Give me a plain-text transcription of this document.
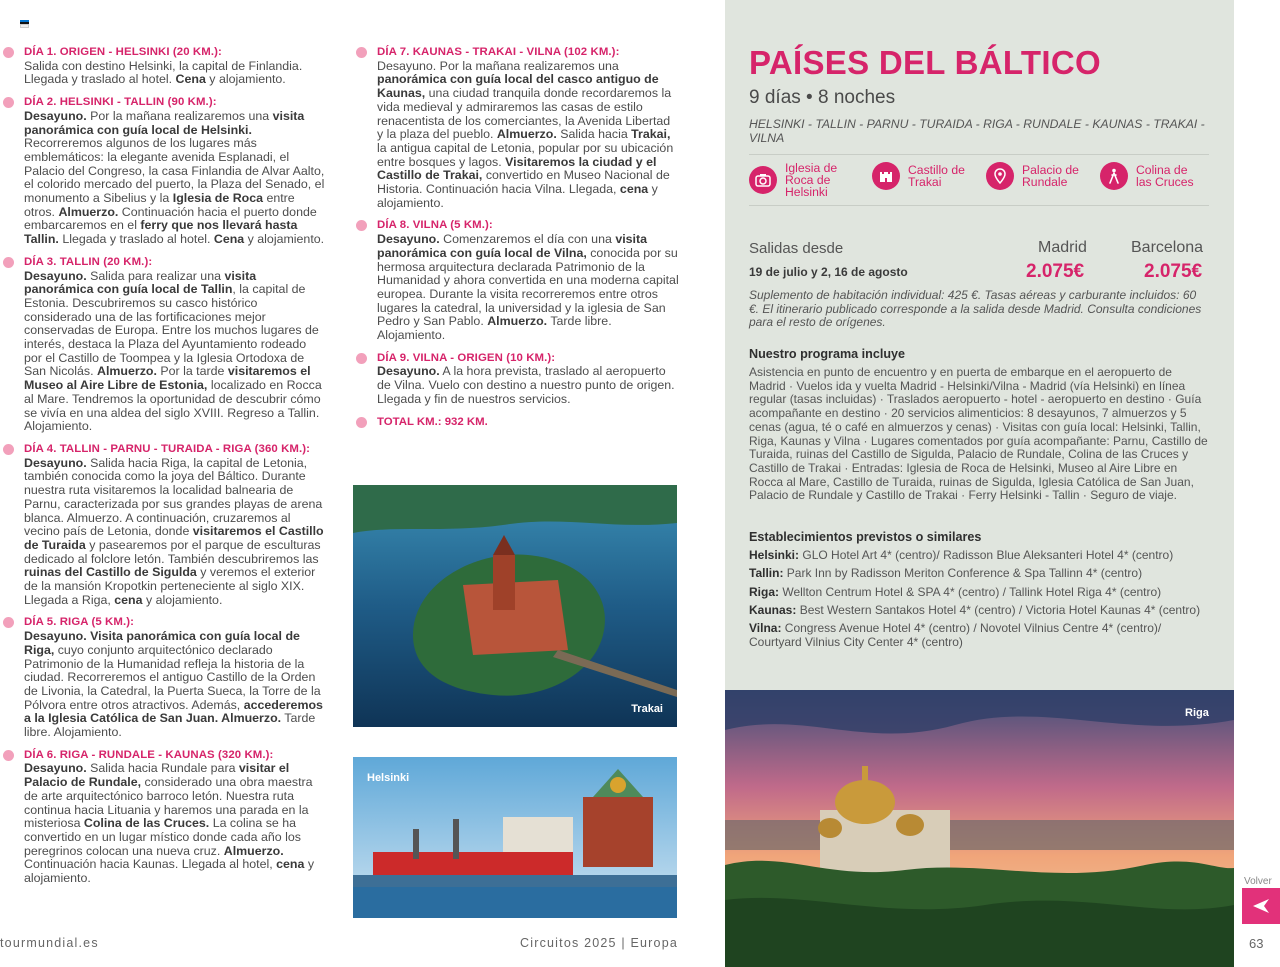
DÍA 1. ORIGEN - HELSINKI (20 KM.):
Salida con destino Helsinki, la capital de Finlandia. Llegada y traslado al hotel. Cena y alojamiento.
DÍA 2. HELSINKI - TALLIN (90 KM.):
Desayuno. Por la mañana realizaremos una visita panorámica con guía local de Helsinki. Recorreremos algunos de los lugares más emblemáticos: la elegante avenida Esplanadi, el Palacio del Congreso, la casa Finlandia de Alvar Aalto, el colorido mercado del puerto, la Plaza del Senado, el monumento a Sibelius y la Iglesia de Roca entre otros. Almuerzo. Continuación hacia el puerto donde embarcaremos en el ferry que nos llevará hasta Tallin. Llegada y traslado al hotel. Cena y alojamiento.
DÍA 3. TALLIN (20 KM.):
Desayuno. Salida para realizar una visita panorámica con guía local de Tallin, la capital de Estonia. Descubriremos su casco histórico considerado una de las fortificaciones mejor conservadas de Europa. Entre los muchos lugares de interés, destaca la Plaza del Ayuntamiento rodeado por el Castillo de Toompea y la Iglesia Ortodoxa de San Nicolás. Almuerzo. Por la tarde visitaremos el Museo al Aire Libre de Estonia, localizado en Rocca al Mare. Tendremos la oportunidad de descubrir cómo se vivía en una aldea del siglo XVIII. Regreso a Tallin. Alojamiento.
DÍA 4. TALLIN - PARNU - TURAIDA - RIGA (360 KM.):
Desayuno. Salida hacia Riga, la capital de Letonia, también conocida como la joya del Báltico. Durante nuestra ruta visitaremos la localidad balnearia de Parnu, caracterizada por sus grandes playas de arena blanca. Almuerzo. A continuación, cruzaremos al vecino país de Letonia, donde visitaremos el Castillo de Turaida y pasearemos por el parque de esculturas dedicado al folclore letón. También descubriremos las ruinas del Castillo de Sigulda y veremos el exterior de la mansión Kropotkin perteneciente al siglo XIX. Llegada a Riga, cena y alojamiento.
DÍA 5. RIGA (5 KM.):
Desayuno. Visita panorámica con guía local de Riga, cuyo conjunto arquitectónico declarado Patrimonio de la Humanidad refleja la historia de la ciudad. Recorreremos el antiguo Castillo de la Orden de Livonia, la Catedral, la Puerta Sueca, la Torre de la Pólvora entre otros atractivos. Además, accederemos a la Iglesia Católica de San Juan. Almuerzo. Tarde libre. Alojamiento.
DÍA 6. RIGA - RUNDALE - KAUNAS (320 KM.):
Desayuno. Salida hacia Rundale para visitar el Palacio de Rundale, considerado una obra maestra de arte arquitectónico barroco letón. Nuestra ruta continua hacia Lituania y haremos una parada en la misteriosa Colina de las Cruces. La colina se ha convertido en un lugar místico donde cada año los peregrinos colocan una nueva cruz. Almuerzo. Continuación hacia Kaunas. Llegada al hotel, cena y alojamiento.
DÍA 7. KAUNAS - TRAKAI - VILNA (102 KM.):
Desayuno. Por la mañana realizaremos una panorámica con guía local del casco antiguo de Kaunas, una ciudad tranquila donde recordaremos la vida medieval y admiraremos las casas de estilo renacentista de los comerciantes, la Avenida Libertad y la plaza del pueblo. Almuerzo. Salida hacia Trakai, la antigua capital de Letonia, popular por su ubicación entre bosques y lagos. Visitaremos la ciudad y el Castillo de Trakai, convertido en Museo Nacional de Historia. Continuación hacia Vilna. Llegada, cena y alojamiento.
DÍA 8. VILNA (5 KM.):
Desayuno. Comenzaremos el día con una visita panorámica con guía local de Vilna, conocida por su hermosa arquitectura declarada Patrimonio de la Humanidad y ahora convertida en una moderna capital europea. Durante la visita recorreremos entre otros lugares la catedral, la universidad y la iglesia de San Pedro y San Pablo. Almuerzo. Tarde libre. Alojamiento.
DÍA 9. VILNA - ORIGEN (10 KM.):
Desayuno. A la hora prevista, traslado al aeropuerto de Vilna. Vuelo con destino a nuestro punto de origen. Llegada y fin de nuestros servicios.
TOTAL KM.: 932 KM.
Trakai
Helsinki
PAÍSES DEL BÁLTICO
9 días • 8 noches
HELSINKI - TALLIN - PARNU - TURAIDA - RIGA - RUNDALE - KAUNAS - TRAKAI - VILNA
Iglesia de
Roca de
Helsinki
Castillo de
Trakai
Palacio de
Rundale
Colina de
las Cruces
Salidas desde
19 de julio y 2, 16 de agosto
Madrid	Barcelona
2.075€	2.075€
Suplemento de habitación individual: 425 €. Tasas aéreas y carburante incluidos: 60 €. El itinerario publicado corresponde a la salida desde Madrid. Consulta condiciones para el resto de orígenes.
Nuestro programa incluye
Asistencia en punto de encuentro y en puerta de embarque en el aeropuerto de Madrid · Vuelos ida y vuelta Madrid - Helsinki/Vilna - Madrid (vía Helsinki) en línea regular (tasas incluidas) · Traslados aeropuerto - hotel - aeropuerto en destino · Guía acompañante en destino · 20 servicios alimenticios: 8 desayunos, 7 almuerzos y 5 cenas (agua, té o café en almuerzos y cenas) · Visitas con guía local: Helsinki, Tallin, Riga, Kaunas y Vilna · Lugares comentados por guía acompañante: Parnu, Castillo de Turaida, ruinas del Castillo de Sigulda, Palacio de Rundale, Colina de las Cruces y Castillo de Trakai · Entradas: Iglesia de Roca de Helsinki, Museo al Aire Libre en Rocca al Mare, Castillo de Turaida, ruinas de Sigulda, Iglesia Católica de San Juan, Palacio de Rundale y Castillo de Trakai · Ferry Helsinki - Tallin · Seguro de viaje.
Establecimientos previstos o similares

Helsinki: GLO Hotel Art 4* (centro)/ Radisson Blue Aleksanteri Hotel 4* (centro)

Tallin: Park Inn by Radisson Meriton Conference & Spa Tallinn 4* (centro)

Riga: Wellton Centrum Hotel & SPA 4* (centro) / Tallink Hotel Riga 4* (centro)

Kaunas: Best Western Santakos Hotel 4* (centro) / Victoria Hotel Kaunas 4* (centro)

Vilna: Congress Avenue Hotel 4* (centro) / Novotel Vilnius Centre 4* (centro)/ Courtyard Vilnius City Center 4* (centro)

Riga
tourmundial.es	Circuitos 2025 | Europa	63
Volver
